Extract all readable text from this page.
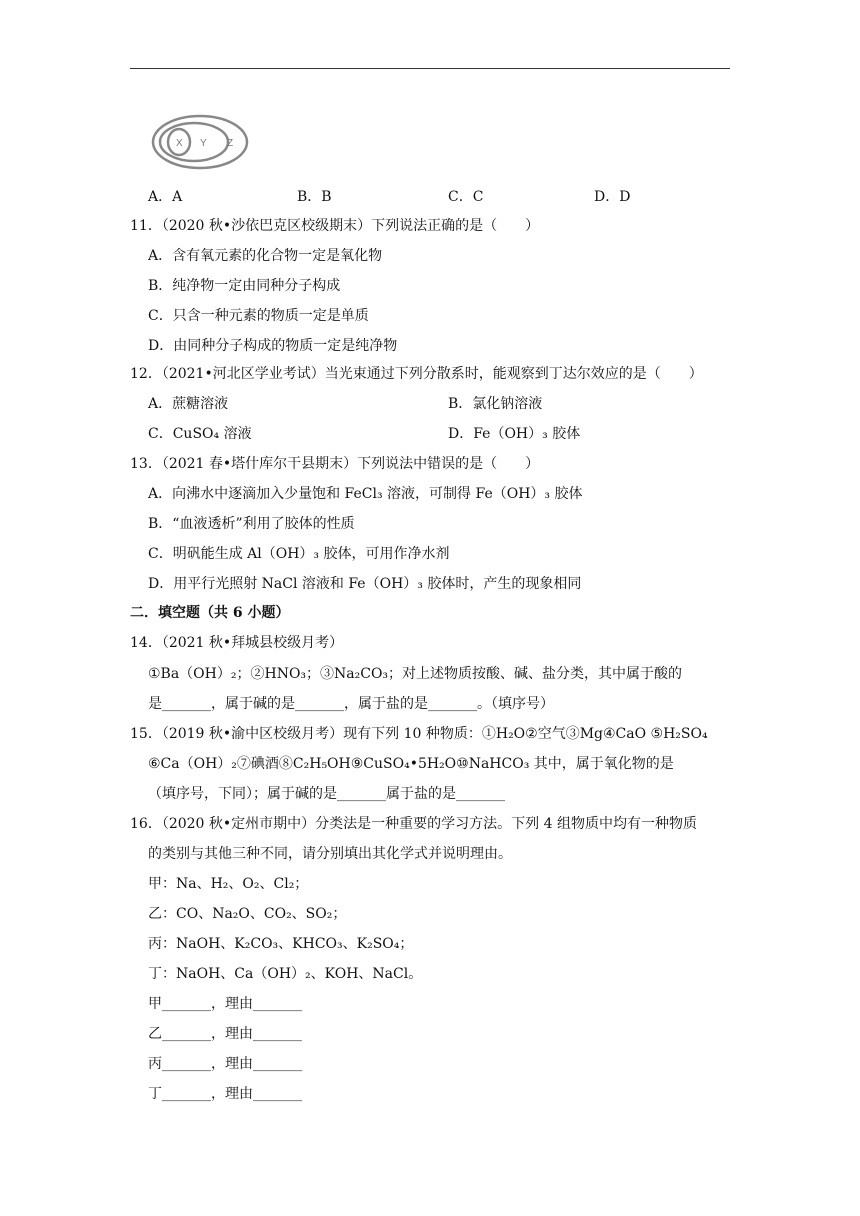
X Y Z
A．A	B．B	C．C	D．D
11．（2020 秋•沙依巴克区校级期末）下列说法正确的是（　　）
A．含有氧元素的化合物一定是氧化物
B．纯净物一定由同种分子构成
C．只含一种元素的物质一定是单质
D．由同种分子构成的物质一定是纯净物
12．（2021•河北区学业考试）当光束通过下列分散系时，能观察到丁达尔效应的是（　　）
A．蔗糖溶液	B．氯化钠溶液
C．CuSO₄ 溶液	D．Fe（OH）₃ 胶体
13．（2021 春•塔什库尔干县期末）下列说法中错误的是（　　）
A．向沸水中逐滴加入少量饱和 FeCl₃ 溶液，可制得 Fe（OH）₃ 胶体
B．“血液透析”利用了胶体的性质
C．明矾能生成 Al（OH）₃ 胶体，可用作净水剂
D．用平行光照射 NaCl 溶液和 Fe（OH）₃ 胶体时，产生的现象相同
二．填空题（共 6 小题）
14．（2021 秋•拜城县校级月考）
①Ba（OH）₂；②HNO₃；③Na₂CO₃；对上述物质按酸、碱、盐分类，其中属于酸的
是_______，属于碱的是_______，属于盐的是_______。（填序号）
15．（2019 秋•渝中区校级月考）现有下列 10 种物质：①H₂O②空气③Mg④CaO ⑤H₂SO₄
⑥Ca（OH）₂⑦碘酒⑧C₂H₅OH⑨CuSO₄•5H₂O⑩NaHCO₃ 其中，属于氧化物的是
（填序号，下同）；属于碱的是_______属于盐的是_______
16．（2020 秋•定州市期中）分类法是一种重要的学习方法。下列 4 组物质中均有一种物质
的类别与其他三种不同，请分别填出其化学式并说明理由。
甲：Na、H₂、O₂、Cl₂；
乙：CO、Na₂O、CO₂、SO₂；
丙：NaOH、K₂CO₃、KHCO₃、K₂SO₄；
丁：NaOH、Ca（OH）₂、KOH、NaCl。
甲_______，理由_______
乙_______，理由_______
丙_______，理由_______
丁_______，理由_______
